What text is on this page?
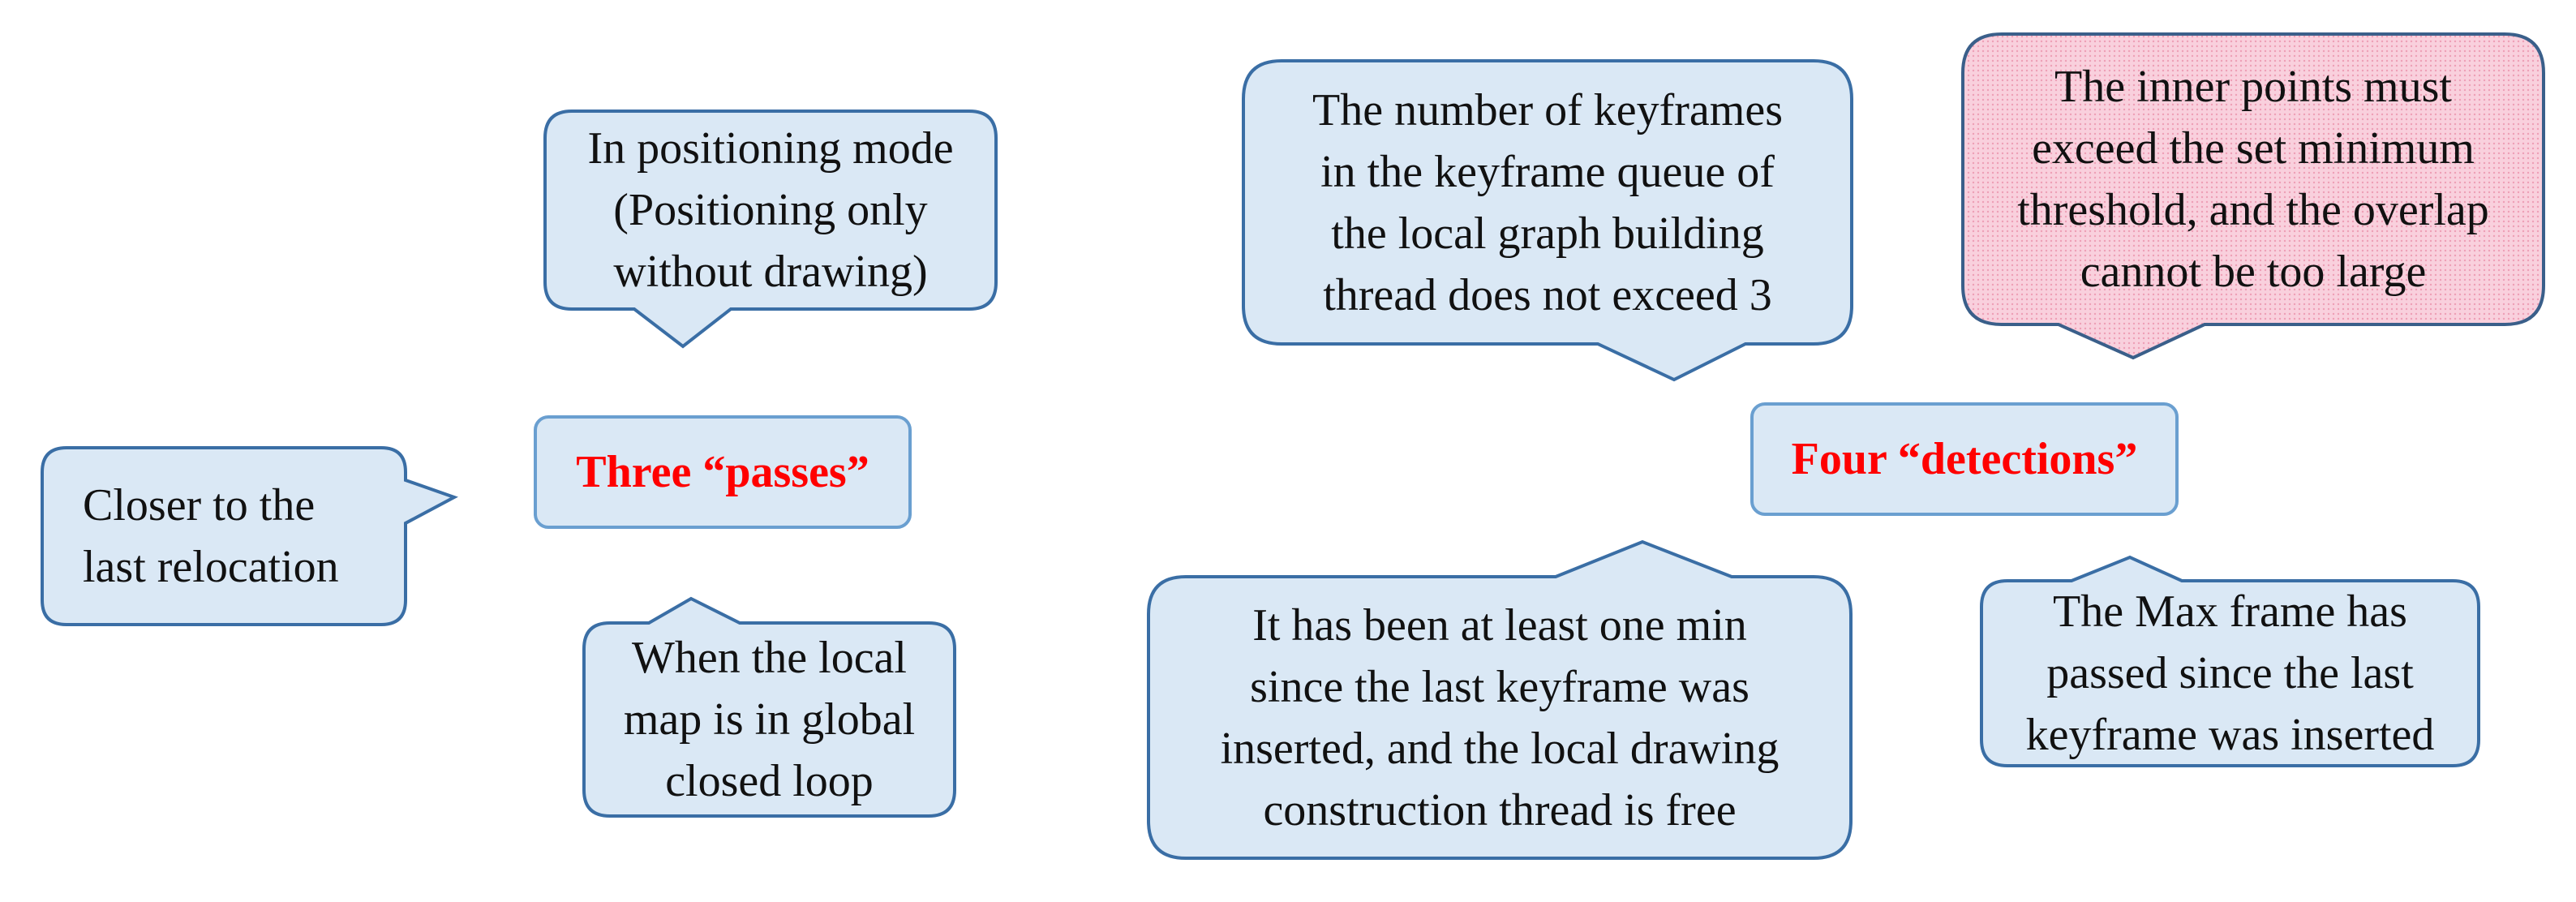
Closer to the
last relocation
In positioning mode
(Positioning only
without drawing)
Three “passes”
When the local
map is in global
closed loop
The number of keyframes
in the keyframe queue of
the local graph building
thread does not exceed 3
The inner points must
exceed the set minimum
threshold, and the overlap
cannot be too large
Four “detections”
It has been at least one min
since the last keyframe was
inserted, and the local drawing
construction thread is free
The Max frame has
passed since the last
keyframe was inserted
